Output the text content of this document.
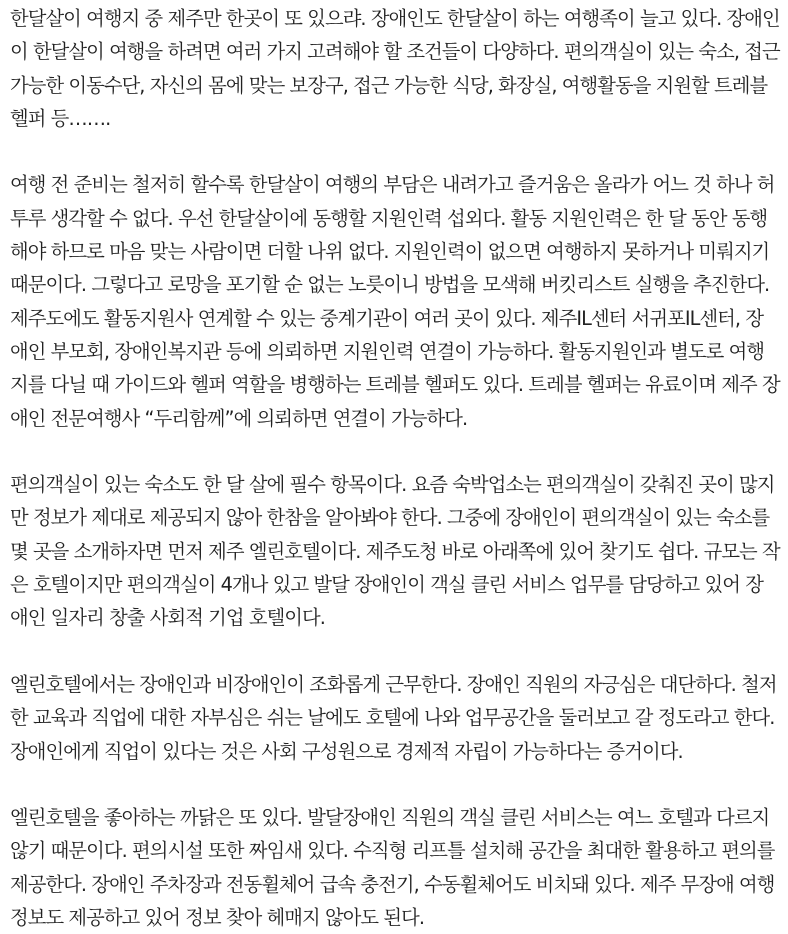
한달살이 여행지 중 제주만 한곳이 또 있으랴. 장애인도 한달살이 하는 여행족이 늘고 있다. 장애인이 한달살이 여행을 하려면 여러 가지 고려해야 할 조건들이 다양하다. 편의객실이 있는 숙소, 접근가능한 이동수단, 자신의 몸에 맞는 보장구, 접근 가능한 식당, 화장실, 여행활동을 지원할 트레블 헬퍼 등…….

여행 전 준비는 철저히 할수록 한달살이 여행의 부담은 내려가고 즐거움은 올라가 어느 것 하나 허투루 생각할 수 없다. 우선 한달살이에 동행할 지원인력 섭외다. 활동 지원인력은 한 달 동안 동행해야 하므로 마음 맞는 사람이면 더할 나위 없다. 지원인력이 없으면 여행하지 못하거나 미뤄지기 때문이다. 그렇다고 로망을 포기할 순 없는 노릇이니 방법을 모색해 버킷리스트 실행을 추진한다. 제주도에도 활동지원사 연계할 수 있는 중계기관이 여러 곳이 있다. 제주IL센터 서귀포IL센터, 장애인 부모회, 장애인복지관 등에 의뢰하면 지원인력 연결이 가능하다. 활동지원인과 별도로 여행지를 다닐 때 가이드와 헬퍼 역할을 병행하는 트레블 헬퍼도 있다. 트레블 헬퍼는 유료이며 제주 장애인 전문여행사 “두리함께”에 의뢰하면 연결이 가능하다.

편의객실이 있는 숙소도 한 달 살에 필수 항목이다. 요즘 숙박업소는 편의객실이 갖춰진 곳이 많지만 정보가 제대로 제공되지 않아 한참을 알아봐야 한다. 그중에 장애인이 편의객실이 있는 숙소를 몇 곳을 소개하자면 먼저 제주 엘린호텔이다. 제주도청 바로 아래쪽에 있어 찾기도 쉽다. 규모는 작은 호텔이지만 편의객실이 4개나 있고 발달 장애인이 객실 클린 서비스 업무를 담당하고 있어 장애인 일자리 창출 사회적 기업 호텔이다.

엘린호텔에서는 장애인과 비장애인이 조화롭게 근무한다. 장애인 직원의 자긍심은 대단하다. 철저한 교육과 직업에 대한 자부심은 쉬는 날에도 호텔에 나와 업무공간을 둘러보고 갈 정도라고 한다. 장애인에게 직업이 있다는 것은 사회 구성원으로 경제적 자립이 가능하다는 증거이다.

엘린호텔을 좋아하는 까닭은 또 있다. 발달장애인 직원의 객실 클린 서비스는 여느 호텔과 다르지 않기 때문이다. 편의시설 또한 짜임새 있다. 수직형 리프틀 설치해 공간을 최대한 활용하고 편의를 제공한다. 장애인 주차장과 전동휠체어 급속 충전기, 수동휠체어도 비치돼 있다. 제주 무장애 여행 정보도 제공하고 있어 정보 찾아 헤매지 않아도 된다.
